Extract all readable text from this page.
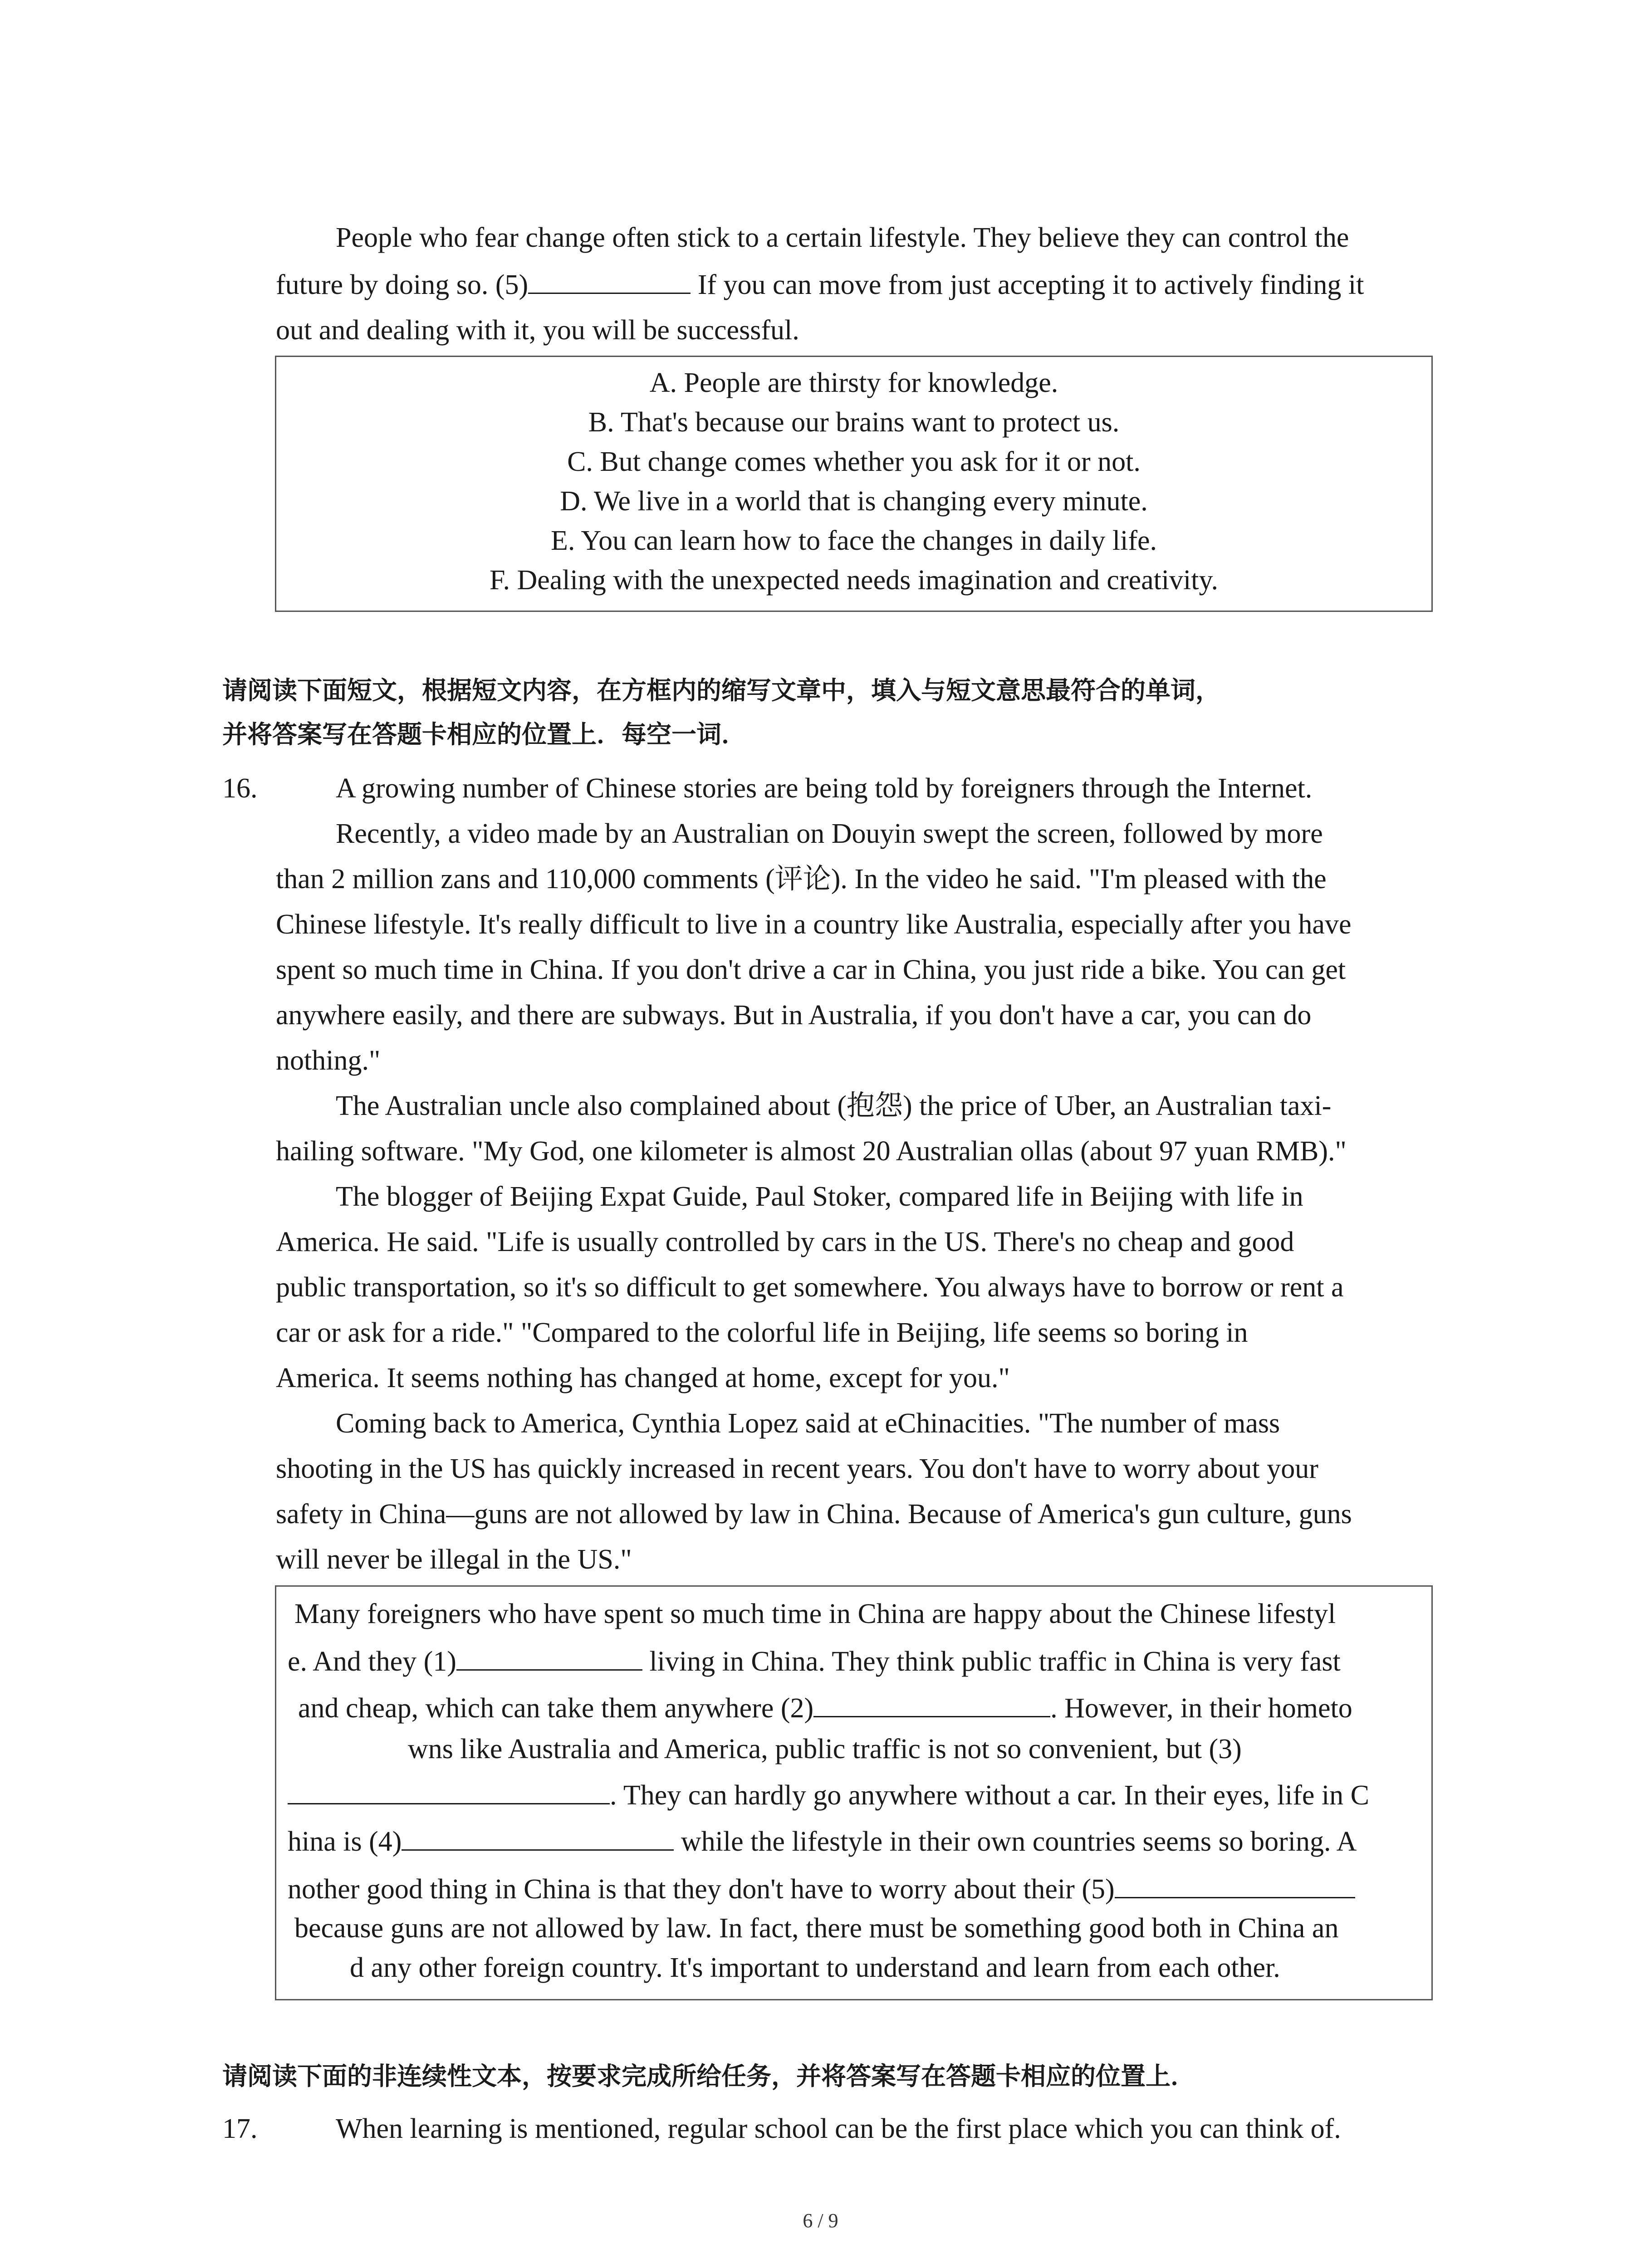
People who fear change often stick to a certain lifestyle. They believe they can control the

future by doing so. (5)	If you can move from just accepting it to actively finding it

out and dealing with it, you will be successful.

A. People are thirsty for knowledge.
B. That's because our brains want to protect us.
C. But change comes whether you ask for it or not.
D. We live in a world that is changing every minute.
E. You can learn how to face the changes in daily life.
F. Dealing with the unexpected needs imagination and creativity.

请阅读下面短文，根据短文内容，在方框内的缩写文章中，填入与短文意思最符合的单词，

并将答案写在答题卡相应的位置上．每空一词．

16.	A growing number of Chinese stories are being told by foreigners through the Internet.

Recently, a video made by an Australian on Douyin swept the screen, followed by more

than 2 million zans and 110,000 comments (评论). In the video he said. "I'm pleased with the

Chinese lifestyle. It's really difficult to live in a country like Australia, especially after you have

spent so much time in China. If you don't drive a car in China, you just ride a bike. You can get

anywhere easily, and there are subways. But in Australia, if you don't have a car, you can do

nothing."

The Australian uncle also complained about (抱怨) the price of Uber, an Australian taxi-

hailing software. "My God, one kilometer is almost 20 Australian ollas (about 97 yuan RMB)."

The blogger of Beijing Expat Guide, Paul Stoker, compared life in Beijing with life in

America. He said. "Life is usually controlled by cars in the US. There's no cheap and good

public transportation, so it's so difficult to get somewhere. You always have to borrow or rent a

car or ask for a ride." "Compared to the colorful life in Beijing, life seems so boring in

America. It seems nothing has changed at home, except for you."

Coming back to America, Cynthia Lopez said at eChinacities. "The number of mass

shooting in the US has quickly increased in recent years. You don't have to worry about your

safety in China—guns are not allowed by law in China. Because of America's gun culture, guns

will never be illegal in the US."

Many foreigners who have spent so much time in China are happy about the Chinese lifestyl

e. And they (1)	living in China. They think public traffic in China is very fast

and cheap, which can take them anywhere (2)	. However, in their hometo

wns like Australia and America, public traffic is not so convenient, but (3)

. They can hardly go anywhere without a car. In their eyes, life in C

hina is (4)	while the lifestyle in their own countries seems so boring. A

nother good thing in China is that they don't have to worry about their (5)

because guns are not allowed by law. In fact, there must be something good both in China an

d any other foreign country. It's important to understand and learn from each other.

请阅读下面的非连续性文本，按要求完成所给任务，并将答案写在答题卡相应的位置上．

17.	When learning is mentioned, regular school can be the first place which you can think of.

6 / 9
